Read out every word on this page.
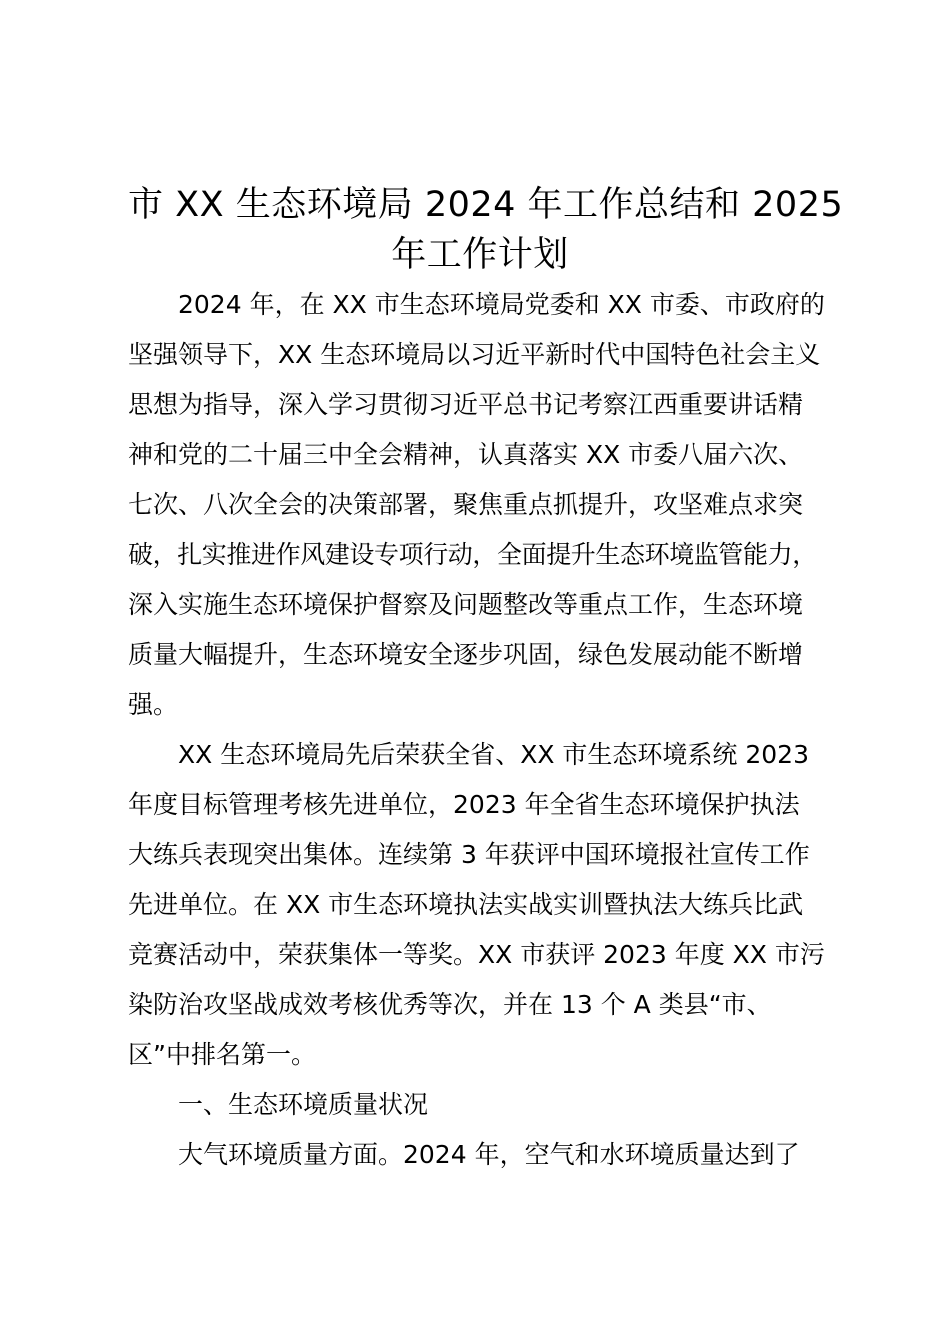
市 XX 生态环境局 2024 年工作总结和 2025
年工作计划

2024 年，在 XX 市生态环境局党委和 XX 市委、市政府的
坚强领导下，XX 生态环境局以习近平新时代中国特色社会主义
思想为指导，深入学习贯彻习近平总书记考察江西重要讲话精
神和党的二十届三中全会精神，认真落实 XX 市委八届六次、
七次、八次全会的决策部署，聚焦重点抓提升，攻坚难点求突
破，扎实推进作风建设专项行动，全面提升生态环境监管能力，
深入实施生态环境保护督察及问题整改等重点工作，生态环境
质量大幅提升，生态环境安全逐步巩固，绿色发展动能不断增
强。

XX 生态环境局先后荣获全省、XX 市生态环境系统 2023
年度目标管理考核先进单位，2023 年全省生态环境保护执法
大练兵表现突出集体。连续第 3 年获评中国环境报社宣传工作
先进单位。在 XX 市生态环境执法实战实训暨执法大练兵比武
竞赛活动中，荣获集体一等奖。XX 市获评 2023 年度 XX 市污
染防治攻坚战成效考核优秀等次，并在 13 个 A 类县“市、
区”中排名第一。

一、生态环境质量状况

大气环境质量方面。2024 年，空气和水环境质量达到了
